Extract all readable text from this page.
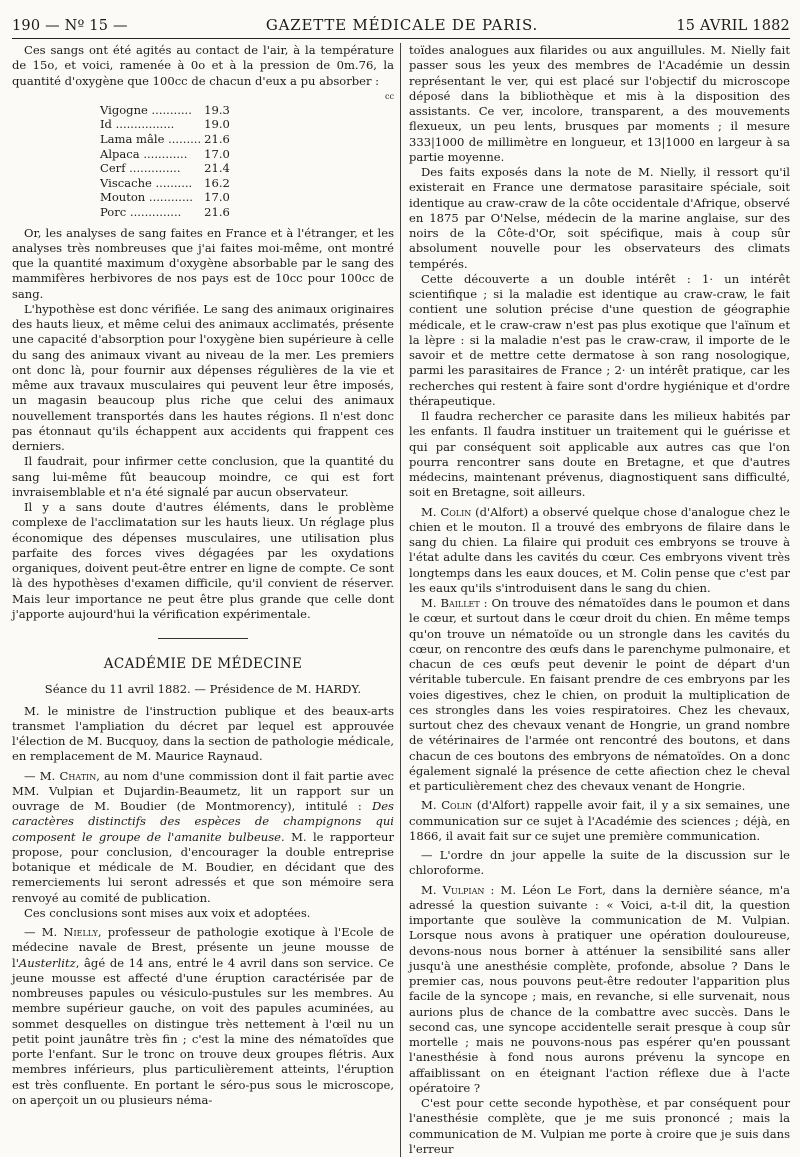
190 — Nº 15 —	GAZETTE MÉDICALE DE PARIS.	15 AVRIL 1882

Ces sangs ont été agités au contact de l'air, à la température de 15o, et voici, ramenée à 0o et à la pression de 0m.76, la quantité d'oxygène que 100cc de chacun d'eux a pu absorber :

cc
Vigogne ...........		19.3
Id ................		19.0
Lama mâle .........		21.6
Alpaca ............		17.0
Cerf ..............		21.4
Viscache ..........		16.2
Mouton ............		17.0
Porc ..............		21.6

Or, les analyses de sang faites en France et à l'étranger, et les analyses très nombreuses que j'ai faites moi-même, ont montré que la quantité maximum d'oxygène absorbable par le sang des mammifères herbivores de nos pays est de 10cc pour 100cc de sang.

L'hypothèse est donc vérifiée. Le sang des animaux originaires des hauts lieux, et même celui des animaux acclimatés, présente une capacité d'absorption pour l'oxygène bien supérieure à celle du sang des animaux vivant au niveau de la mer. Les premiers ont donc là, pour fournir aux dépenses régulières de la vie et même aux travaux musculaires qui peuvent leur être imposés, un magasin beaucoup plus riche que celui des animaux nouvellement transportés dans les hautes régions. Il n'est donc pas étonnaut qu'ils échappent aux accidents qui frappent ces derniers.

Il faudrait, pour infirmer cette conclusion, que la quantité du sang lui-même fût beaucoup moindre, ce qui est fort invraisemblable et n'a été signalé par aucun observateur.

Il y a sans doute d'autres éléments, dans le problème complexe de l'acclimatation sur les hauts lieux. Un réglage plus économique des dépenses musculaires, une utilisation plus parfaite des forces vives dégagées par les oxydations organiques, doivent peut-être entrer en ligne de compte. Ce sont là des hypothèses d'examen difficile, qu'il convient de réserver. Mais leur importance ne peut être plus grande que celle dont j'apporte aujourd'hui la vérification expérimentale.

ACADÉMIE DE MÉDECINE
Séance du 11 avril 1882. — Présidence de M. HARDY.

M. le ministre de l'instruction publique et des beaux-arts transmet l'ampliation du décret par lequel est approuvée l'élection de M. Bucquoy, dans la section de pathologie médicale, en remplacement de M. Maurice Raynaud.

— M. Chatin, au nom d'une commission dont il fait partie avec MM. Vulpian et Dujardin-Beaumetz, lit un rapport sur un ouvrage de M. Boudier (de Montmorency), intitulé : Des caractères distinctifs des espèces de champignons qui composent le groupe de l'amanite bulbeuse. M. le rapporteur propose, pour conclusion, d'encourager la double entreprise botanique et médicale de M. Boudier, en décidant que des remerciements lui seront adressés et que son mémoire sera renvoyé au comité de publication.

Ces conclusions sont mises aux voix et adoptées.

— M. Nielly, professeur de pathologie exotique à l'Ecole de médecine navale de Brest, présente un jeune mousse de l'Austerlitz, âgé de 14 ans, entré le 4 avril dans son service. Ce jeune mousse est affecté d'une éruption caractérisée par de nombreuses papules ou vésiculo-pustules sur les membres. Au membre supérieur gauche, on voit des papules acuminées, au sommet desquelles on distingue très nettement à l'œil nu un petit point jaunâtre très fin ; c'est la mine des nématoïdes que porte l'enfant. Sur le tronc on trouve deux groupes flétris. Aux membres inférieurs, plus particulièrement atteints, l'éruption est très confluente. En portant le séro-pus sous le microscope, on aperçoit un ou plusieurs néma-

toïdes analogues aux filarides ou aux anguillules. M. Nielly fait passer sous les yeux des membres de l'Académie un dessin représentant le ver, qui est placé sur l'objectif du microscope déposé dans la bibliothèque et mis à la disposition des assistants. Ce ver, incolore, transparent, a des mouvements flexueux, un peu lents, brusques par moments ; il mesure 333|1000 de millimètre en longueur, et 13|1000 en largeur à sa partie moyenne.

Des faits exposés dans la note de M. Nielly, il ressort qu'il existerait en France une dermatose parasitaire spéciale, soit identique au craw-craw de la côte occidentale d'Afrique, observé en 1875 par O'Nelse, médecin de la marine anglaise, sur des noirs de la Côte-d'Or, soit spécifique, mais à coup sûr absolument nouvelle pour les observateurs des climats tempérés.

Cette découverte a un double intérêt : 1· un intérêt scientifique ; si la maladie est identique au craw-craw, le fait contient une solution précise d'une question de géographie médicale, et le craw-craw n'est pas plus exotique que l'aïnum et la lèpre : si la maladie n'est pas le craw-craw, il importe de le savoir et de mettre cette dermatose à son rang nosologique, parmi les parasitaires de France ; 2· un intérêt pratique, car les recherches qui restent à faire sont d'ordre hygiénique et d'ordre thérapeutique.

Il faudra rechercher ce parasite dans les milieux habités par les enfants. Il faudra instituer un traitement qui le guérisse et qui par conséquent soit applicable aux autres cas que l'on pourra rencontrer sans doute en Bretagne, et que d'autres médecins, maintenant prévenus, diagnostiquent sans difficulté, soit en Bretagne, soit ailleurs.

M. Colin (d'Alfort) a observé quelque chose d'analogue chez le chien et le mouton. Il a trouvé des embryons de filaire dans le sang du chien. La filaire qui produit ces embryons se trouve à l'état adulte dans les cavités du cœur. Ces embryons vivent très longtemps dans les eaux douces, et M. Colin pense que c'est par les eaux qu'ils s'introduisent dans le sang du chien.

M. Baillet : On trouve des nématoïdes dans le poumon et dans le cœur, et surtout dans le cœur droit du chien. En même temps qu'on trouve un nématoïde ou un strongle dans les cavités du cœur, on rencontre des œufs dans le parenchyme pulmonaire, et chacun de ces œufs peut devenir le point de départ d'un véritable tubercule. En faisant prendre de ces embryons par les voies digestives, chez le chien, on produit la multiplication de ces strongles dans les voies respiratoires. Chez les chevaux, surtout chez des chevaux venant de Hongrie, un grand nombre de vétérinaires de l'armée ont rencontré des boutons, et dans chacun de ces boutons des embryons de nématoïdes. On a donc également signalé la présence de cette afiection chez le cheval et particulièrement chez des chevaux venant de Hongrie.

M. Colin (d'Alfort) rappelle avoir fait, il y a six semaines, une communication sur ce sujet à l'Académie des sciences ; déjà, en 1866, il avait fait sur ce sujet une première communication.

— L'ordre dn jour appelle la suite de la discussion sur le chloroforme.

M. Vulpian : M. Léon Le Fort, dans la dernière séance, m'a adressé la question suivante : « Voici, a-t-il dit, la question importante que soulève la communication de M. Vulpian. Lorsque nous avons à pratiquer une opération douloureuse, devons-nous nous borner à atténuer la sensibilité sans aller jusqu'à une anesthésie complète, profonde, absolue ? Dans le premier cas, nous pouvons peut-être redouter l'apparition plus facile de la syncope ; mais, en revanche, si elle survenait, nous aurions plus de chance de la combattre avec succès. Dans le second cas, une syncope accidentelle serait presque à coup sûr mortelle ; mais ne pouvons-nous pas espérer qu'en poussant l'anesthésie à fond nous aurons prévenu la syncope en affaiblissant on en éteignant l'action réflexe due à l'acte opératoire ?

C'est pour cette seconde hypothèse, et par conséquent pour l'anesthésie complète, que je me suis prononcé ; mais la communication de M. Vulpian me porte à croire que je suis dans l'erreur
